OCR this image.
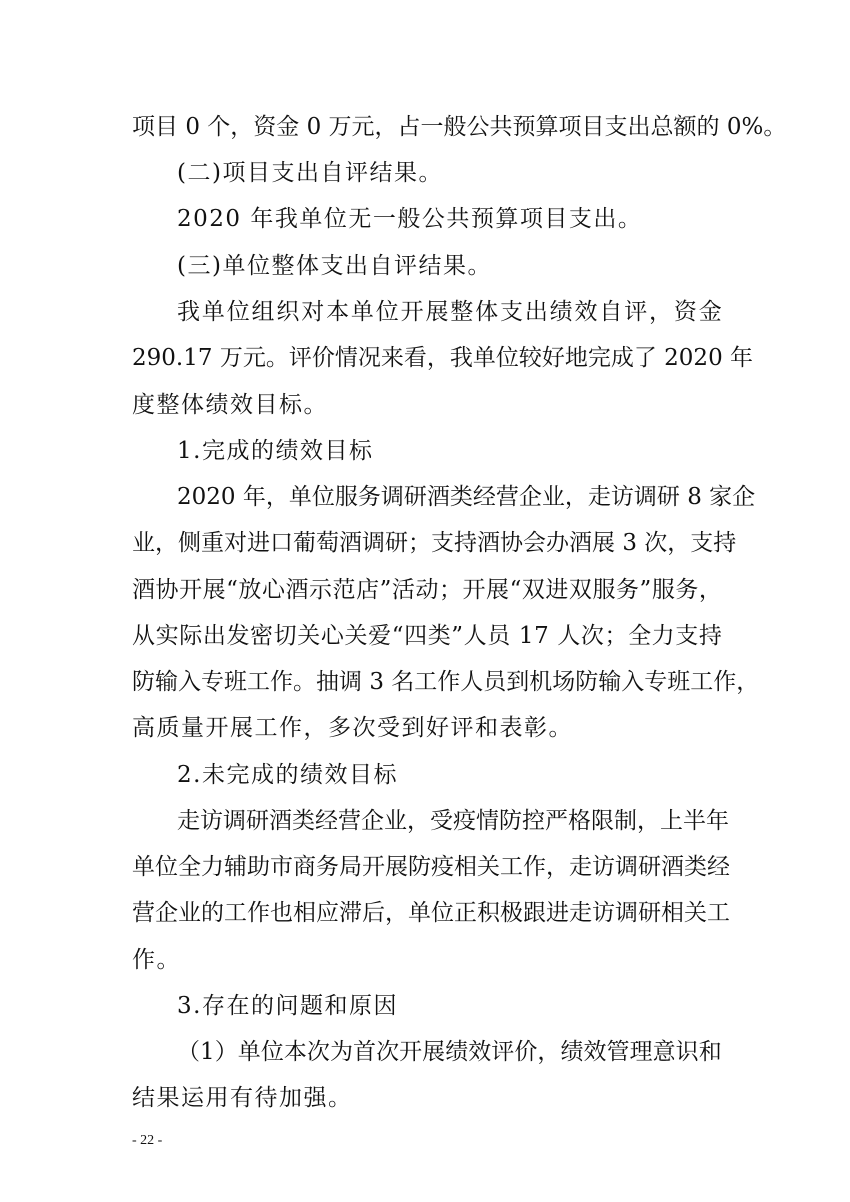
项 目
0
个 ， 资 金
0
万 元 ， 占 一 般 公 共 预 算 项 目 支 出 总 额 的
0 % 。
(二)项目支出自评结果。
2020 年我单位无一般公共预算项目支出。
(三)单位整体支出自评结果。
我 单 位 组 织 对 本 单 位 开 展 整 体 支 出 绩 效 自 评 ， 资 金
2 9 0 . 1 7
万 元 。 评 价 情 况 来 看 ， 我 单 位 较 好 地 完 成 了
2 0 2 0
年
度整体绩效目标。
1.完成的绩效目标
2 0 2 0
年 ， 单 位 服 务 调 研 酒 类 经 营 企 业 ， 走 访 调 研
8
家 企
业 ， 侧 重 对 进 口 葡 萄 酒 调 研 ； 支 持 酒 协 会 办 酒 展
3
次 ， 支 持
酒 协 开 展 “ 放 心 酒 示 范 店 ” 活 动 ； 开 展 “ 双 进 双 服 务 ” 服 务 ，
从 实 际 出 发 密 切 关 心 关 爱 “ 四 类 ” 人 员
1 7
人 次 ； 全 力 支 持
防 输 入 专 班 工 作 。 抽 调
3
名 工 作 人 员 到 机 场 防 输 入 专 班 工 作 ，
高质量开展工作，多次受到好评和表彰。
2.未完成的绩效目标
走 访 调 研 酒 类 经 营 企 业 ， 受 疫 情 防 控 严 格 限 制 ， 上 半 年
单 位 全 力 辅 助 市 商 务 局 开 展 防 疫 相 关 工 作 ， 走 访 调 研 酒 类 经
营 企 业 的 工 作 也 相 应 滞 后 ， 单 位 正 积 极 跟 进 走 访 调 研 相 关 工
作。
3.存在的问题和原因
（ 1 ） 单 位 本 次 为 首 次 开 展 绩 效 评 价 ， 绩 效 管 理 意 识 和
结果运用有待加强。
- 22 -
